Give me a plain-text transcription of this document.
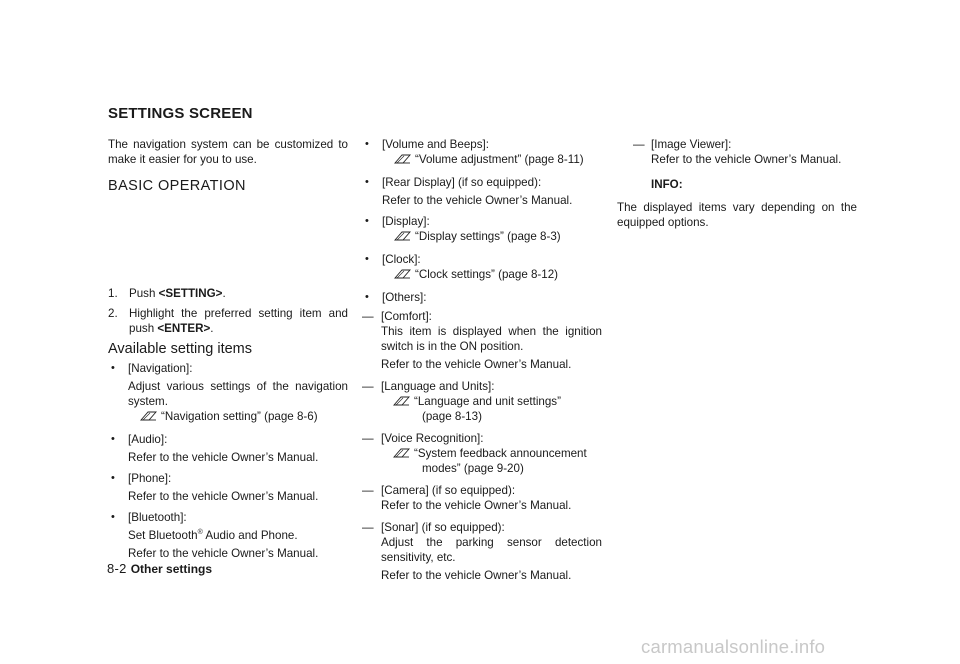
SETTINGS SCREEN

The navigation system can be customized to make it easier for you to use.

BASIC OPERATION

1. Push <SETTING>.
2. Highlight the preferred setting item and push <ENTER>.

Available setting items

• [Navigation]:
Adjust various settings of the navigation system.
“Navigation setting” (page 8-6)
• [Audio]:
Refer to the vehicle Owner’s Manual.
• [Phone]:
Refer to the vehicle Owner’s Manual.
• [Bluetooth]:
Set Bluetooth® Audio and Phone.
Refer to the vehicle Owner’s Manual.
• [Volume and Beeps]:
“Volume adjustment” (page 8-11)
• [Rear Display] (if so equipped):
Refer to the vehicle Owner’s Manual.
• [Display]:
“Display settings” (page 8-3)
• [Clock]:
“Clock settings” (page 8-12)
• [Others]:
— [Comfort]:
This item is displayed when the ignition switch is in the ON position.
Refer to the vehicle Owner’s Manual.
— [Language and Units]:
“Language and unit settings”
(page 8-13)
— [Voice Recognition]:
“System feedback announcement
modes” (page 9-20)
— [Camera] (if so equipped):
Refer to the vehicle Owner’s Manual.
— [Sonar] (if so equipped):
Adjust the parking sensor detection sensitivity, etc.
Refer to the vehicle Owner’s Manual.
— [Image Viewer]:
Refer to the vehicle Owner’s Manual.
INFO:
The displayed items vary depending on the equipped options.
8-2 Other settings
carmanualsonline.info
